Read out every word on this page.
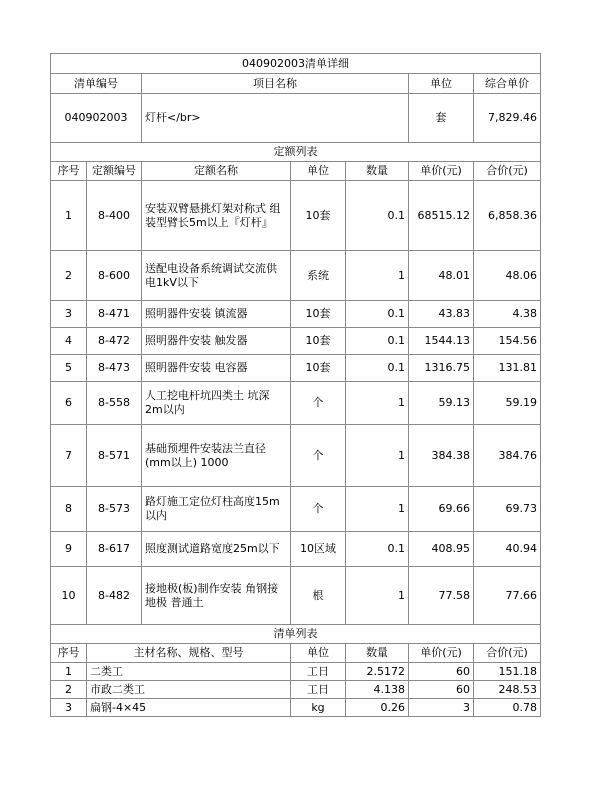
040902003清单详细						
清单编号		项目名称			单位	综合单价
040902003		灯杆</br>			套	7,829.46
定额列表						
序号	定额编号	定额名称	单位	数量	单价(元)	合价(元)
1	8-400	安装双臂悬挑灯架对称式 组装型臂长5m以上『灯杆』	10套	0.1	68515.12	6,858.36
2	8-600	送配电设备系统调试交流供电1kV以下	系统	1	48.01	48.06
3	8-471	照明器件安装 镇流器	10套	0.1	43.83	4.38
4	8-472	照明器件安装 触发器	10套	0.1	1544.13	154.56
5	8-473	照明器件安装 电容器	10套	0.1	1316.75	131.81
6	8-558	人工挖电杆坑四类土 坑深2m以内	个	1	59.13	59.19
7	8-571	基础预埋件安装法兰直径(mm以上) 1000	个	1	384.38	384.76
8	8-573	路灯施工定位灯柱高度15m以内	个	1	69.66	69.73
9	8-617	照度测试道路宽度25m以下	10区域	0.1	408.95	40.94
10	8-482	接地极(板)制作安装 角钢接地极 普通土	根	1	77.58	77.66
清单列表						
序号	主材名称、规格、型号		单位	数量	单价(元)	合价(元)
1	二类工		工日	2.5172	60	151.18
2	市政二类工		工日	4.138	60	248.53
3	扁钢-4×45		kg	0.26	3	0.78
